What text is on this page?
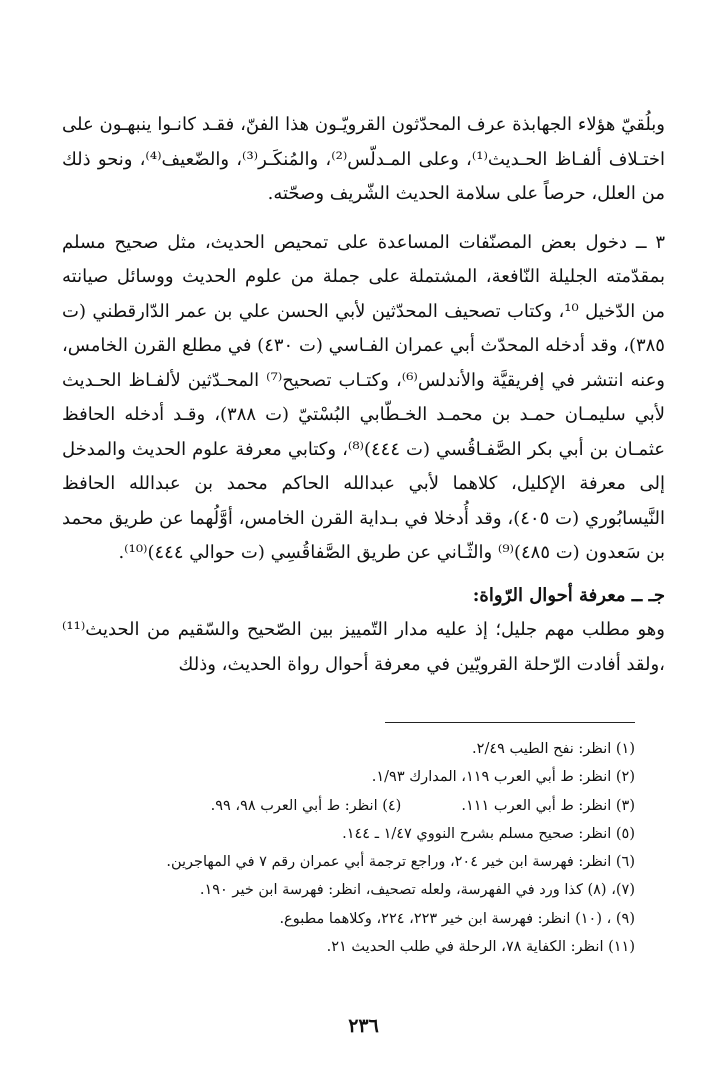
وبلُقيّ هؤلاء الجهابذة عرف المحدّثون القرويّـون هذا الفنّ، فقـد كانـوا ينبهـون على اختـلاف ألفـاظ الحـديث⁽¹⁾، وعلى المـدلّس⁽²⁾، والمُنكَـر⁽³⁾، والضّعيف⁽⁴⁾، ونحو ذلك من العلل، حرصاً على سلامة الحديث الشّريف وصحّته.

٣ ــ دخول بعض المصنّفات المساعدة على تمحيص الحديث، مثل صحيح مسلم بمقدّمته الجليلة النّافعة، المشتملة على جملة من علوم الحديث ووسائل صيانته من الدّخيل ¹⁰، وكتاب تصحيف المحدّثين لأبي الحسن علي بن عمر الدّارقطني (ت ٣٨٥)، وقد أدخله المحدّث أبي عمران الفـاسي (ت ٤٣٠) في مطلع القرن الخامس، وعنه انتشر في إفريقيَّة والأندلس⁽⁶⁾، وكتـاب تصحيح⁽⁷⁾ المحـدّثين لألفـاظ الحـديث لأبي سليمـان حمـد بن محمـد الخـطّابي البُسْتيّ (ت ٣٨٨)، وقـد أدخله الحافظ عثمـان بن أبي بكر الصَّفـاقُسي (ت ٤٤٤)⁽⁸⁾، وكتابي معرفة علوم الحديث والمدخل إلى معرفة الإكليل، كلاهما لأبي عبدالله الحاكم محمد بن عبدالله الحافظ النَّيسابُوري (ت ٤٠٥)، وقد أُدخلا في بـداية القرن الخامس، أوَّلُهما عن طريق محمد بن سَعدون (ت ٤٨٥)⁽⁹⁾ والثّـاني عن طريق الصَّفاقُسِي (ت حوالي ٤٤٤)⁽¹⁰⁾.

جـ ــ معرفة أحوال الرّواة:

وهو مطلب مهم جليل؛ إذ عليه مدار التّمييز بين الصّحيح والسّقيم من الحديث⁽¹¹⁾ ،ولقد أفادت الرّحلة القرويّين في معرفة أحوال رواة الحديث، وذلك

(١) انظر: نفح الطيب ٢/٤٩.
(٢) انظر: ط أبي العرب ١١٩، المدارك ١/٩٣.
(٣) انظر: ط أبي العرب ١١١.(٤) انظر: ط أبي العرب ٩٨، ٩٩.
(٥) انظر: صحيح مسلم بشرح النووي ١/٤٧ ـ ١٤٤.
(٦) انظر: فهرسة ابن خير ٢٠٤، وراجع ترجمة أبي عمران رقم ٧ في المهاجرين.
(٧)، (٨) كذا ورد في الفهرسة، ولعله تصحيف، انظر: فهرسة ابن خير ١٩٠.
(٩) ، (١٠) انظر: فهرسة ابن خير ٢٢٣، ٢٢٤، وكلاهما مطبوع.
(١١) انظر: الكفاية ٧٨، الرحلة في طلب الحديث ٢١.
٢٣٦
